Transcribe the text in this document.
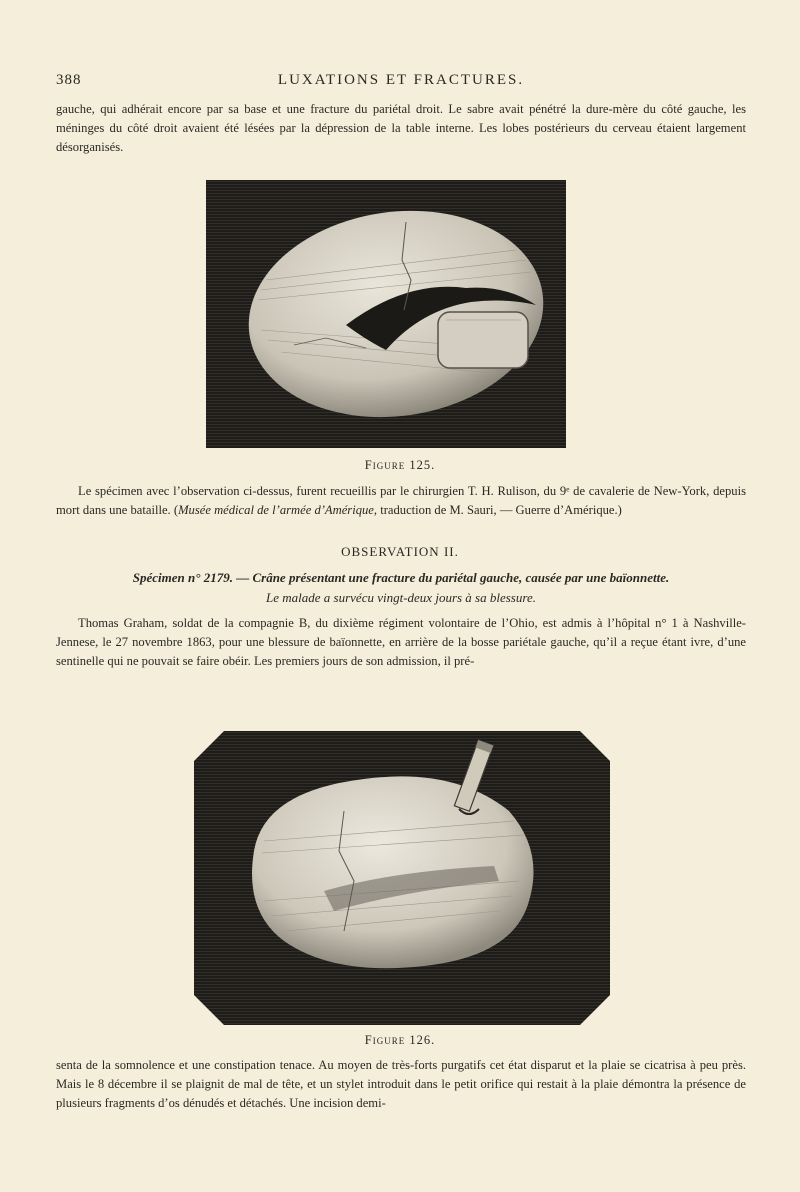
388	LUXATIONS ET FRACTURES.

gauche, qui adhérait encore par sa base et une fracture du pariétal droit. Le sabre avait pénétré la dure-mère du côté gauche, les méninges du côté droit avaient été lésées par la dépression de la table interne. Les lobes postérieurs du cerveau étaient largement désorganisés.

Figure 125.

Le spécimen avec l’observation ci-dessus, furent recueillis par le chirurgien T. H. Rulison, du 9ᵉ de cavalerie de New-York, depuis mort dans une bataille. (Musée médical de l’armée d’Amérique, traduction de M. Sauri, — Guerre d’Amérique.)

OBSERVATION II.
Spécimen n° 2179. — Crâne présentant une fracture du pariétal gauche, causée par une baïonnette.
Le malade a survécu vingt-deux jours à sa blessure.

Thomas Graham, soldat de la compagnie B, du dixième régiment volontaire de l’Ohio, est admis à l’hôpital n° 1 à Nashville-Jennese, le 27 novembre 1863, pour une blessure de baïonnette, en arrière de la bosse pariétale gauche, qu’il a reçue étant ivre, d’une sentinelle qui ne pouvait se faire obéir. Les premiers jours de son admission, il pré-

Figure 126.

senta de la somnolence et une constipation tenace. Au moyen de très-forts purgatifs cet état disparut et la plaie se cicatrisa à peu près. Mais le 8 décembre il se plaignit de mal de tête, et un stylet introduit dans le petit orifice qui restait à la plaie démontra la présence de plusieurs fragments d’os dénudés et détachés. Une incision demi-
